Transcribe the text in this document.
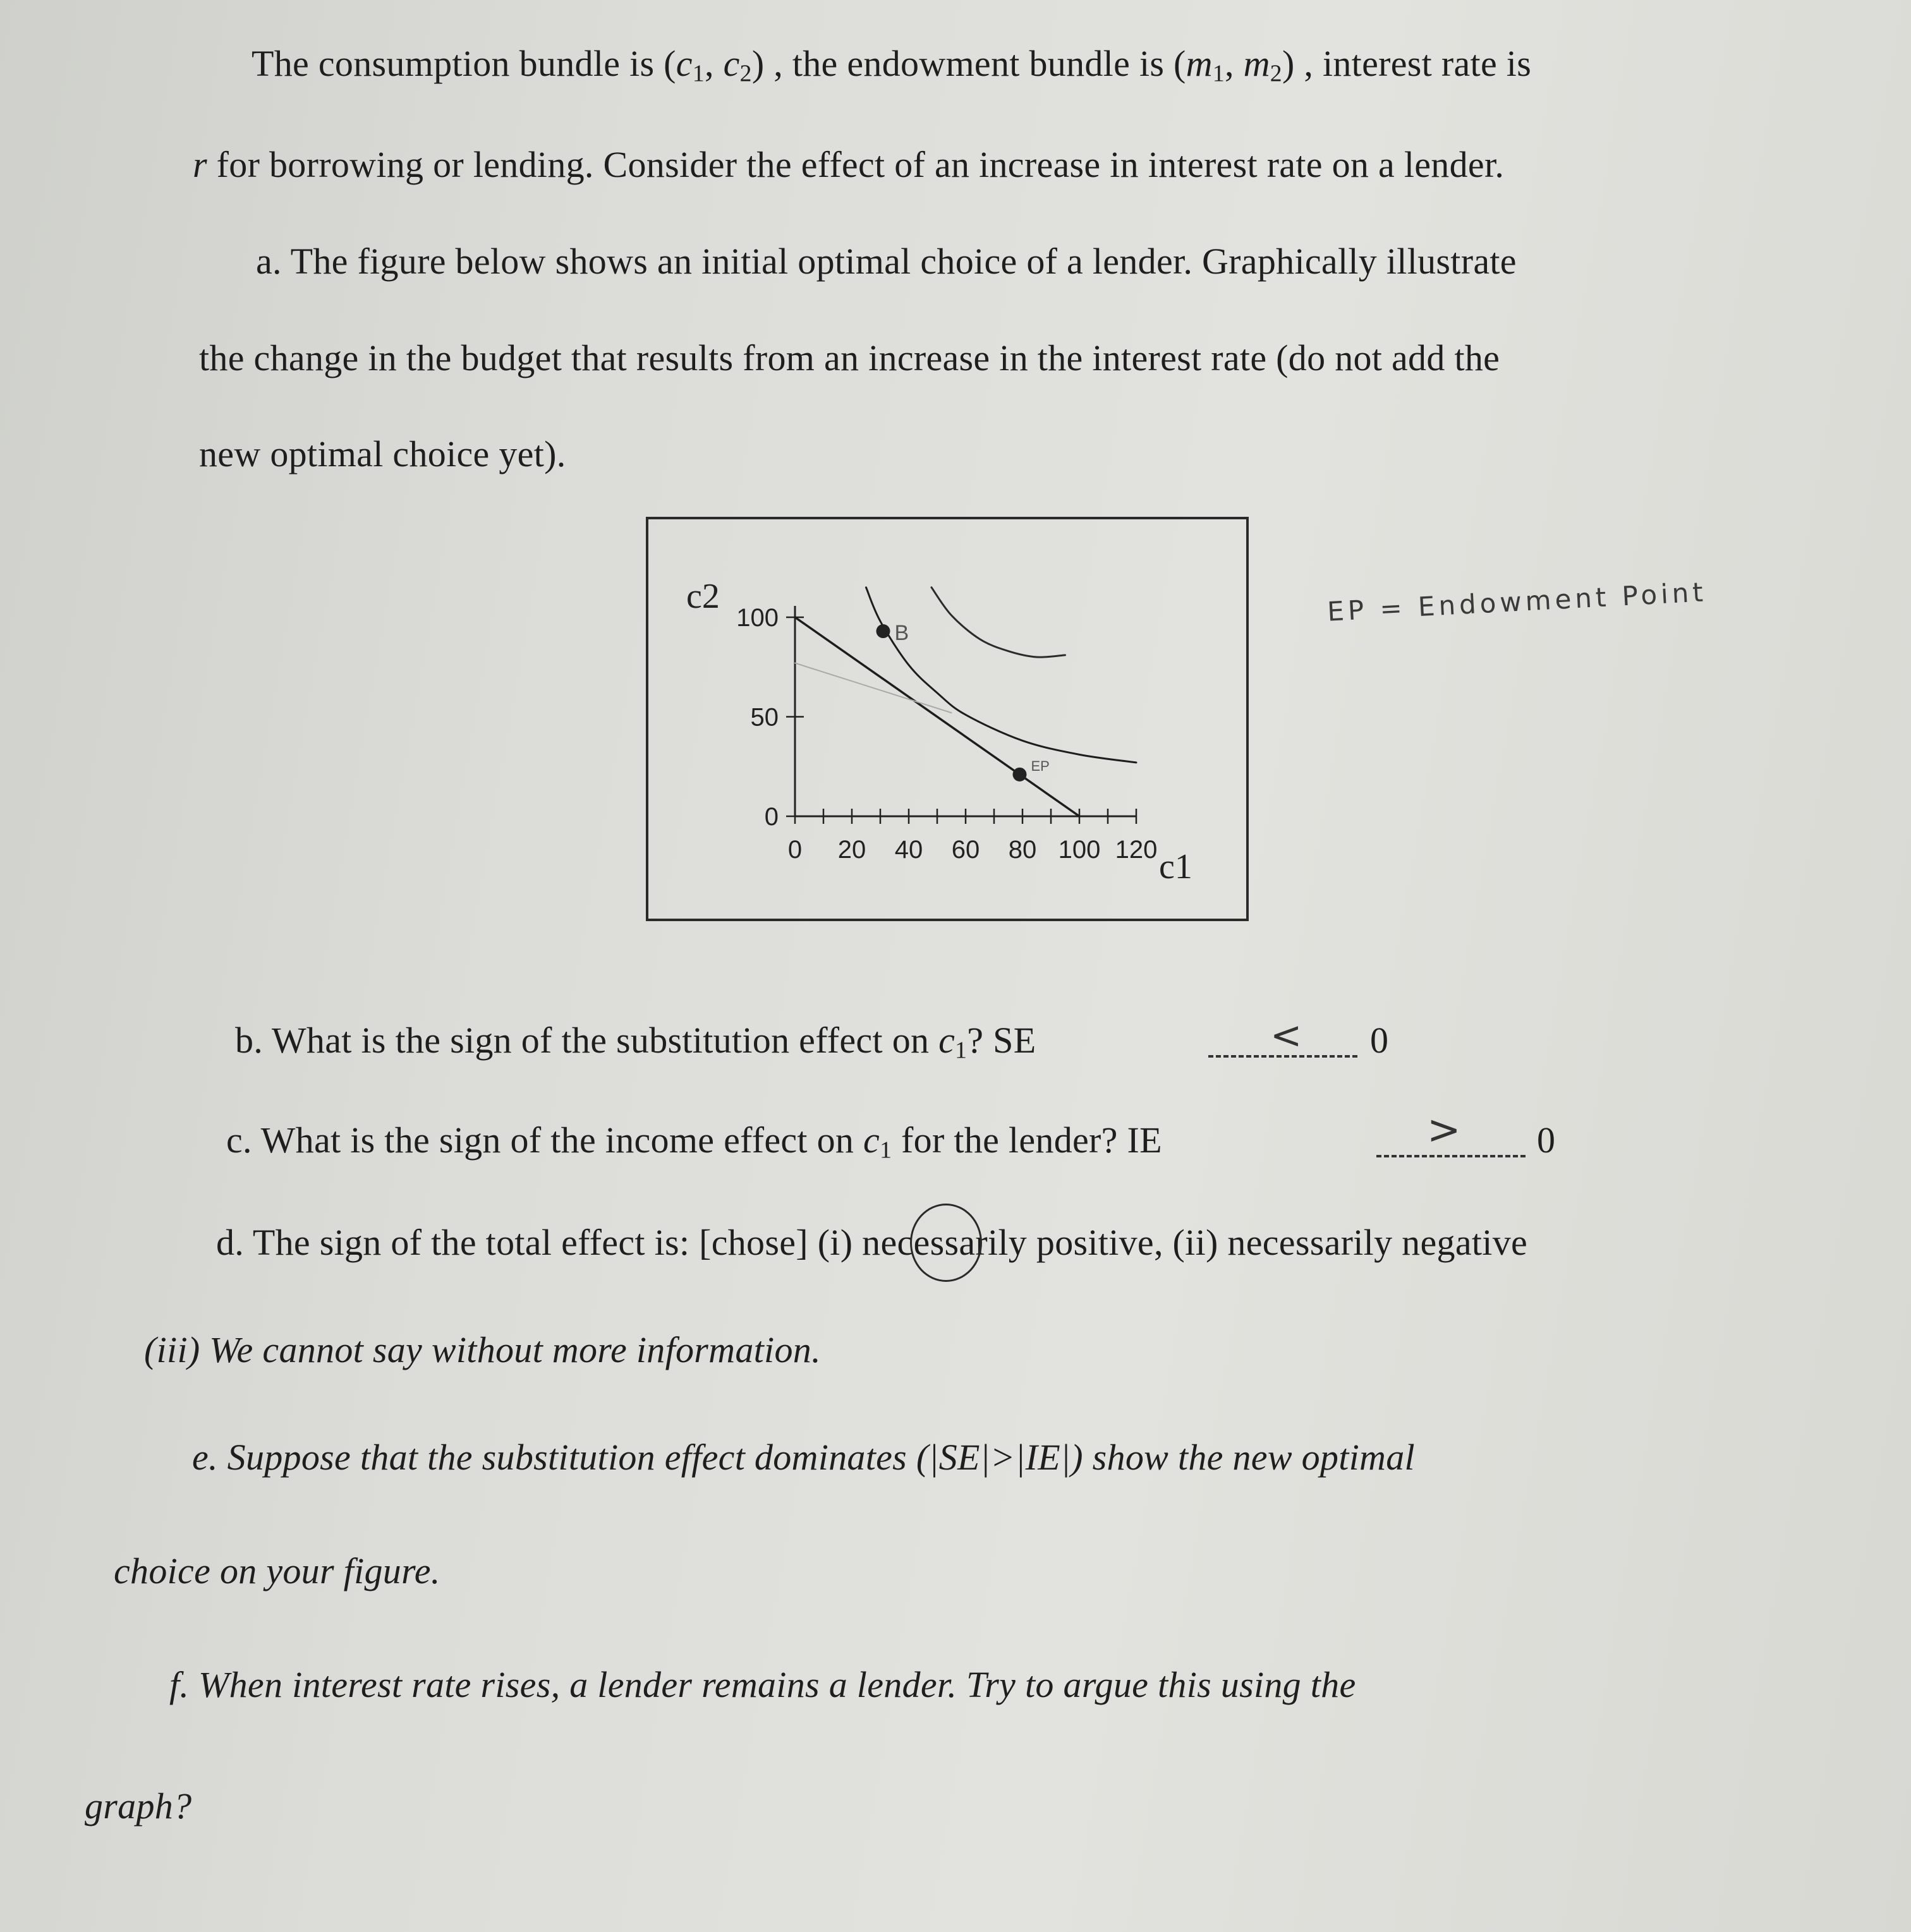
The consumption bundle is ($c_1$, $c_2$) , the endowment bundle is ($m_1$, $m_2$) , interest rate is
r for borrowing or lending. Consider the effect of an increase in interest rate on a lender.
a. The figure below shows an initial optimal choice of a lender. Graphically illustrate
the change in the budget that results from an increase in the interest rate (do not add the
new optimal choice yet).
0 20 40 60 80 100 120
0
50
100
B
EP
c2
c1
EP = Endowment Point
b. What is the sign of the substitution effect on $c_1$? SE	< 0
c. What is the sign of the income effect on $c_1$ for the lender? IE	> 0
d. The sign of the total effect is: [chose] (i) necessarily positive, (ii) necessarily negative
(iii) We cannot say without more information.
e. Suppose that the substitution effect dominates (|SE|>|IE|) show the new optimal
choice on your figure.
f. When interest rate rises, a lender remains a lender. Try to argue this using the
graph?
